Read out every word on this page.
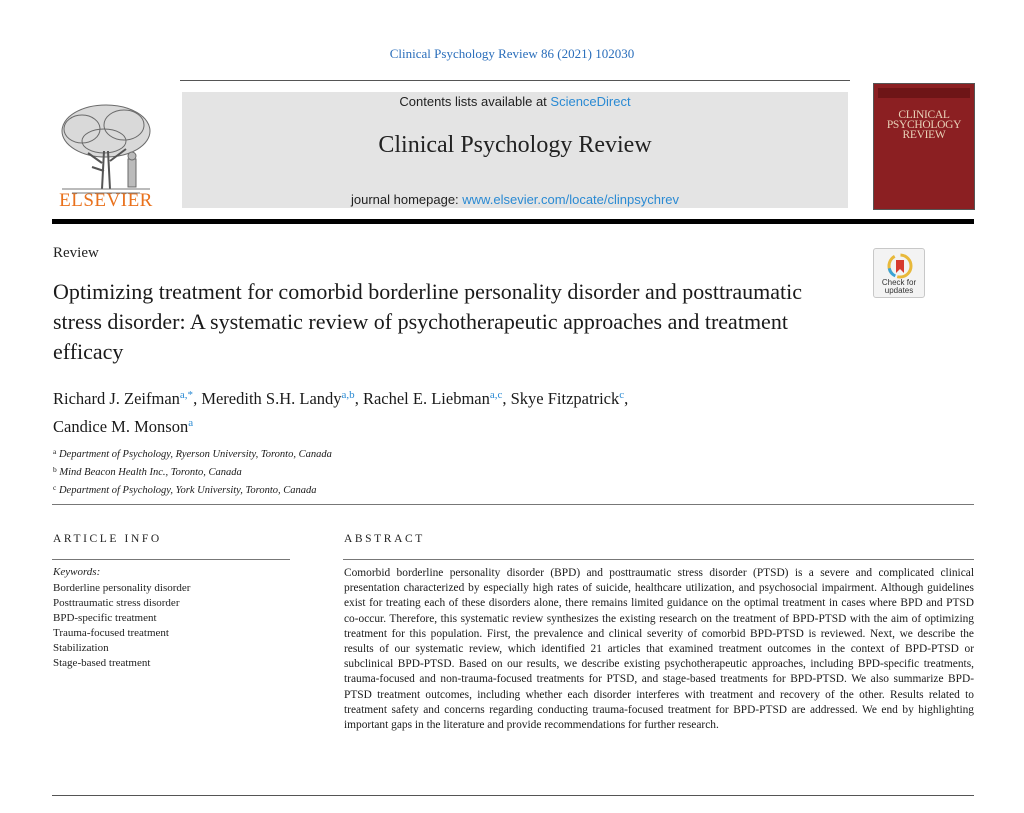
Clinical Psychology Review 86 (2021) 102030
ELSEVIER
Contents lists available at ScienceDirect
Clinical Psychology Review
journal homepage: www.elsevier.com/locate/clinpsychrev
CLINICAL
PSYCHOLOGY
REVIEW
Review
Check for
updates
Optimizing treatment for comorbid borderline personality disorder and posttraumatic stress disorder: A systematic review of psychotherapeutic approaches and treatment efficacy
Richard J. Zeifman$^{a,*}$, Meredith S.H. Landy$^{a,b}$, Rachel E. Liebman$^{a,c}$, Skye Fitzpatrick$^c$,
Candice M. Monson$^a$
$^a$ Department of Psychology, Ryerson University, Toronto, Canada
$^b$ Mind Beacon Health Inc., Toronto, Canada
$^c$ Department of Psychology, York University, Toronto, Canada
ARTICLE INFO
Keywords:
Borderline personality disorder
Posttraumatic stress disorder
BPD-specific treatment
Trauma-focused treatment
Stabilization
Stage-based treatment
ABSTRACT

Comorbid borderline personality disorder (BPD) and posttraumatic stress disorder (PTSD) is a severe and complicated clinical presentation characterized by especially high rates of suicide, healthcare utilization, and psychosocial impairment. Although guidelines exist for treating each of these disorders alone, there remains limited guidance on the optimal treatment in cases where BPD and PTSD co-occur. Therefore, this systematic review synthesizes the existing research on the treatment of BPD-PTSD with the aim of optimizing treatment for this population. First, the prevalence and clinical severity of comorbid BPD-PTSD is reviewed. Next, we describe the results of our systematic review, which identified 21 articles that examined treatment outcomes in the context of BPD-PTSD or subclinical BPD-PTSD. Based on our results, we describe existing psychotherapeutic approaches, including BPD-specific treatments, trauma-focused and non-trauma-focused treatments for PTSD, and stage-based treatments for BPD-PTSD. We also summarize BPD-PTSD treatment outcomes, including whether each disorder interferes with treatment and recovery of the other. Results related to treatment safety and concerns regarding conducting trauma-focused treatment for BPD-PTSD are addressed. We end by highlighting important gaps in the literature and provide recommendations for further research.
